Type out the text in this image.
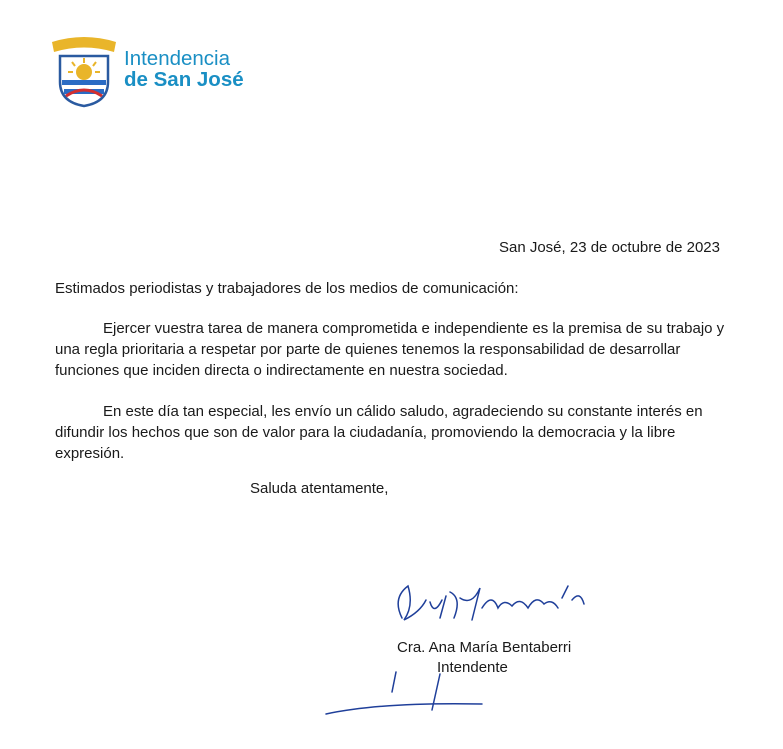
Intendencia
de San José
San José, 23 de octubre de 2023
Estimados periodistas y trabajadores de los medios de comunicación:
Ejercer vuestra tarea de manera comprometida e independiente es la premisa de su trabajo y una regla prioritaria a respetar por parte de quienes tenemos la responsabilidad de desarrollar funciones que inciden directa o indirectamente en nuestra sociedad.
En este día tan especial, les envío un cálido saludo, agradeciendo su constante interés en difundir los hechos que son de valor para la ciudadanía, promoviendo la democracia y la libre expresión.
Saluda atentamente,
Cra. Ana María Bentaberri
Intendente
